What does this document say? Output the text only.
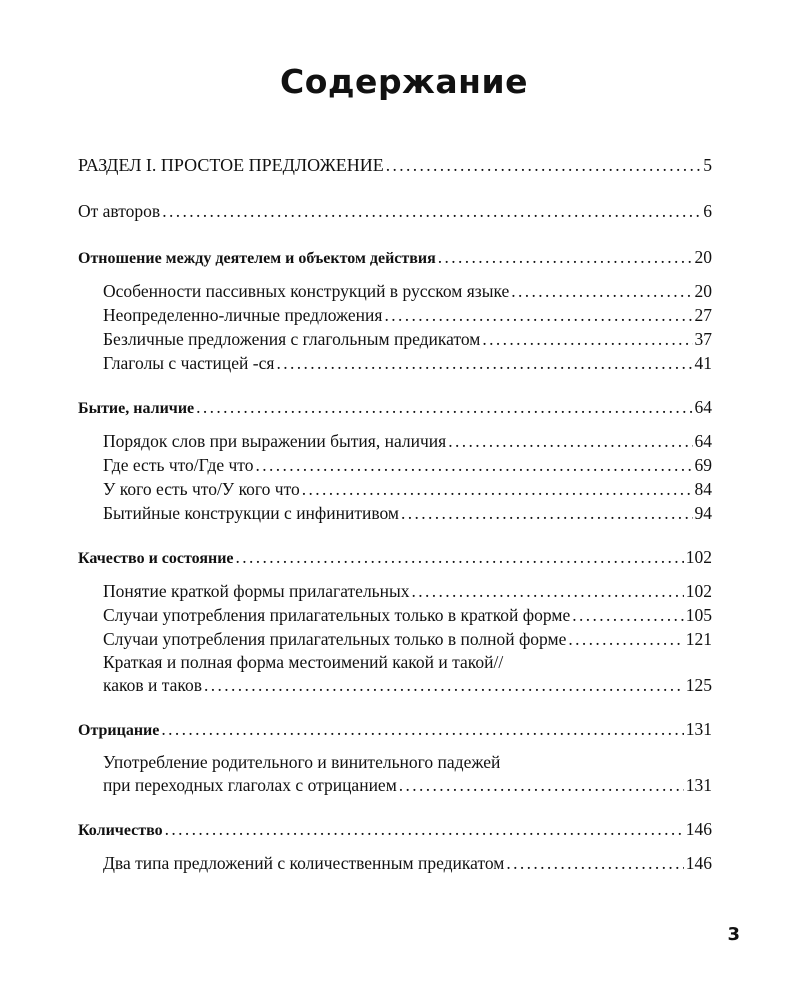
Содержание
РАЗДЕЛ I. ПРОСТОЕ ПРЕДЛОЖЕНИЕ . . .	5
От авторов . . .	6
Отношение между деятелем и объектом действия . . .	20
Особенности пассивных конструкций в русском языке . . .	20
Неопределенно-личные предложения . . .	27
Безличные предложения с глагольным предикатом . . .	37
Глаголы с частицей -ся . . .	41
Бытие, наличие . . .	64
Порядок слов при выражении бытия, наличия . . .	64
Где есть что/Где что . . .	69
У кого есть что/У кого что . . .	84
Бытийные конструкции с инфинитивом . . .	94
Качество и состояние . . .	102
Понятие краткой формы прилагательных . . .	102
Случаи употребления прилагательных только в краткой форме . . .	105
Случаи употребления прилагательных только в полной форме . . .	121
Краткая и полная форма местоимений какой и такой//
каков и таков . . .	125
Отрицание . . .	131
Употребление родительного и винительного падежей
при переходных глаголах с отрицанием . . .	131
Количество . . .	146
Два типа предложений с количественным предикатом . . .	146
3
